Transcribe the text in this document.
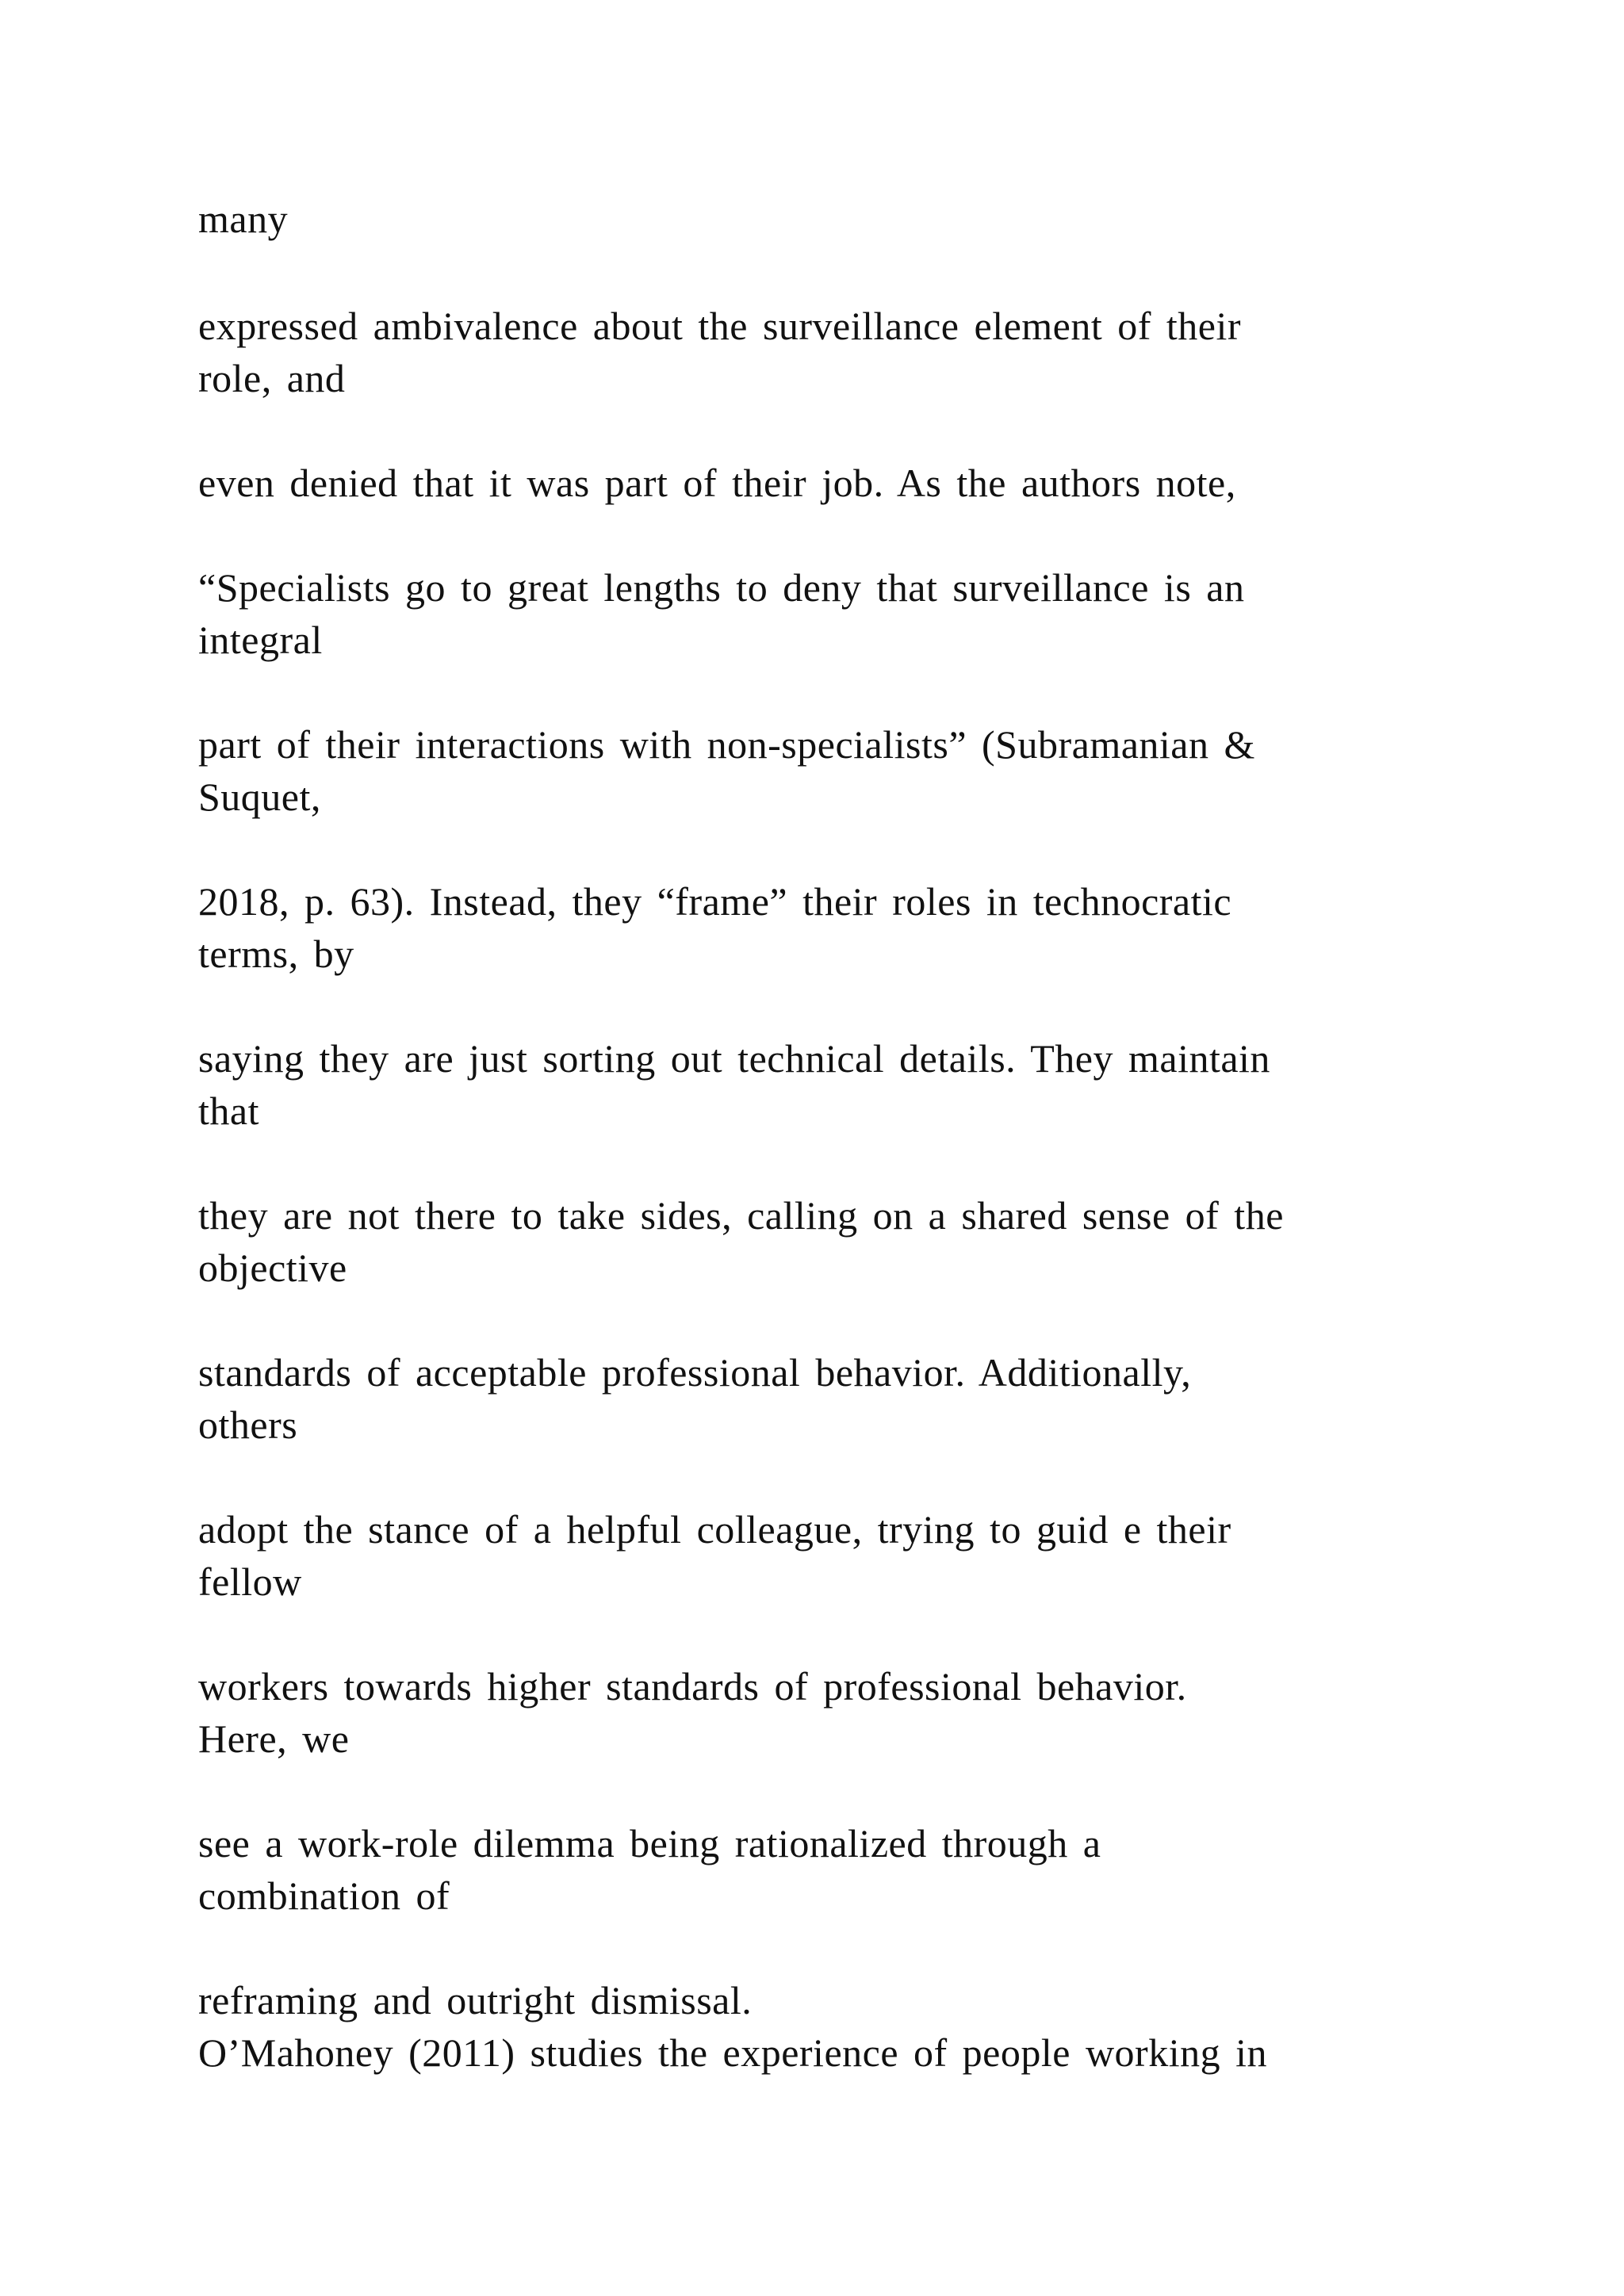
many
expressed ambivalence about the surveillance element of their
role, and
even denied that it was part of their job. As the authors note,
“Specialists go to great lengths to deny that surveillance is an
integral
part of their interactions with non-specialists” (Subramanian &
Suquet,
2018, p. 63). Instead, they “frame” their roles in technocratic
terms, by
saying they are just sorting out technical details. They maintain
that
they are not there to take sides, calling on a shared sense of the
objective
standards of acceptable professional behavior. Additionally,
others
adopt the stance of a helpful colleague, trying to guid e their
fellow
workers towards higher standards of professional behavior.
Here, we
see a work-role dilemma being rationalized through a
combination of
reframing and outright dismissal.
O’Mahoney (2011) studies the experience of people working in
